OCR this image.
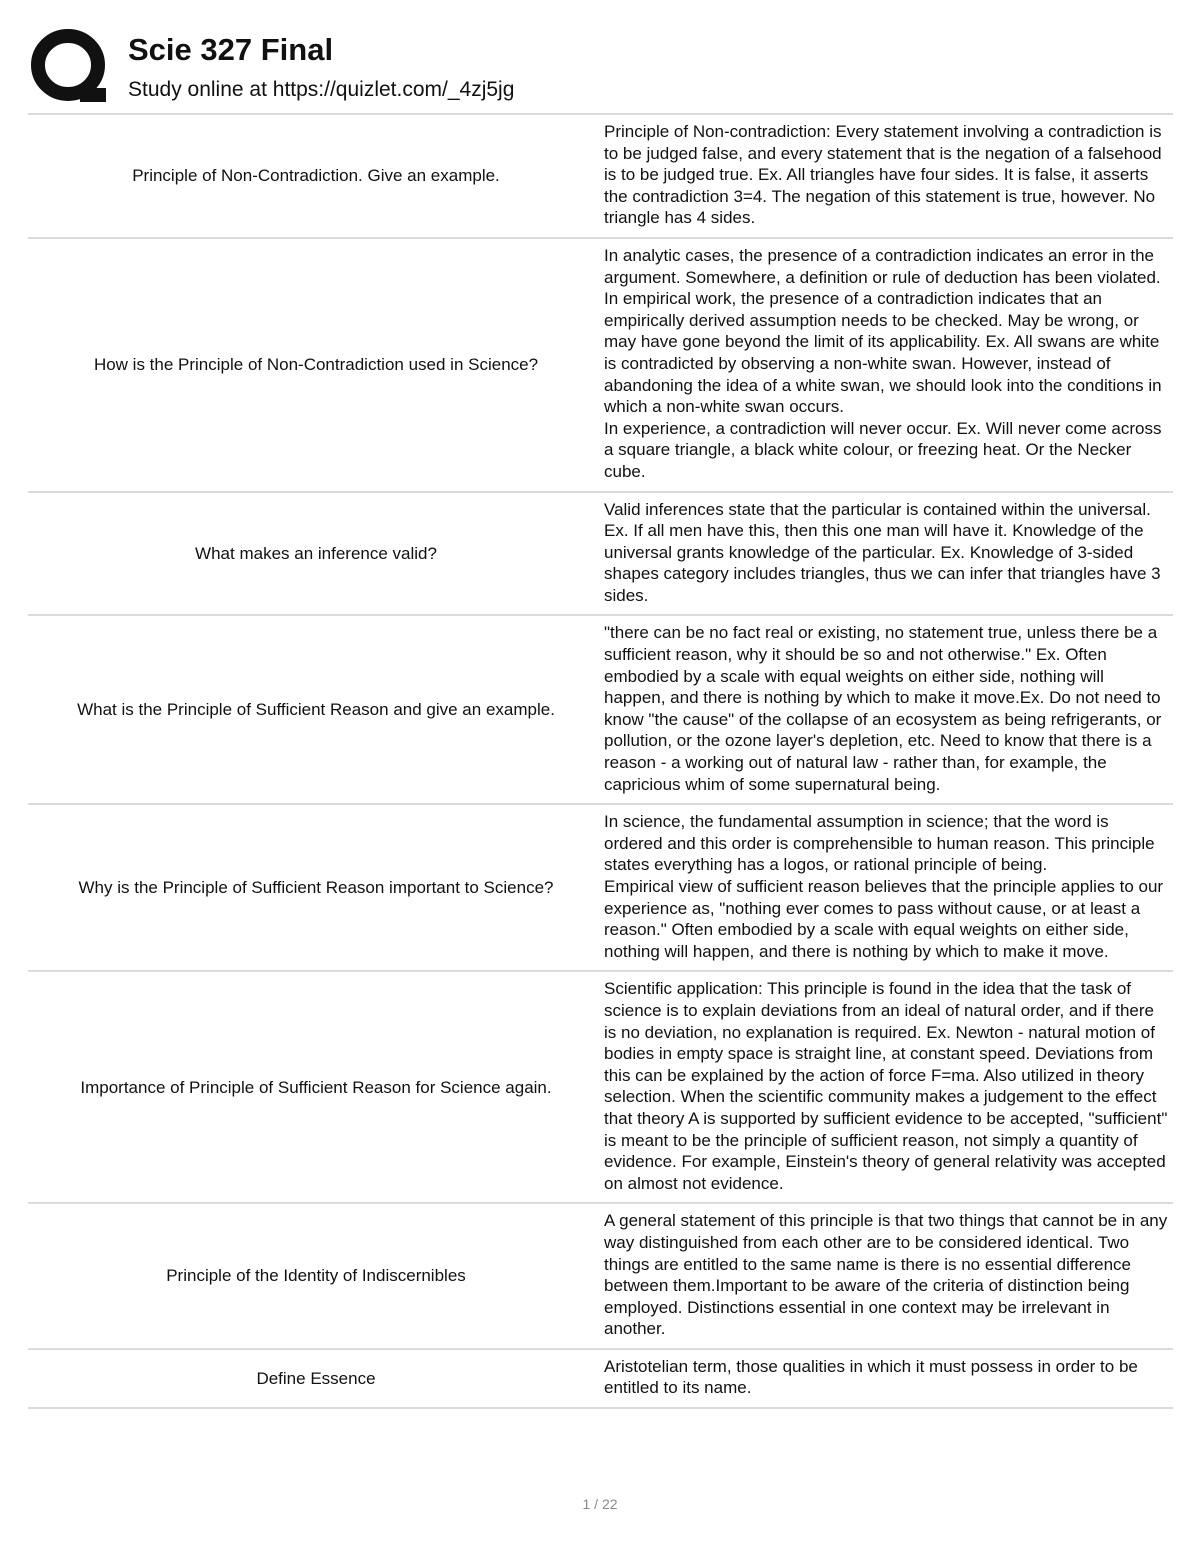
Scie 327 Final
Study online at https://quizlet.com/_4zj5jg
Principle of Non-Contradiction. Give an example.
Principle of Non-contradiction: Every statement involving a contradiction is to be judged false, and every statement that is the negation of a falsehood is to be judged true. Ex. All triangles have four sides. It is false, it asserts the contradiction 3=4. The negation of this statement is true, however. No triangle has 4 sides.
How is the Principle of Non-Contradiction used in Science?
In analytic cases, the presence of a contradiction indicates an error in the argument. Somewhere, a definition or rule of deduction has been violated.
In empirical work, the presence of a contradiction indicates that an empirically derived assumption needs to be checked. May be wrong, or may have gone beyond the limit of its applicability. Ex. All swans are white is contradicted by observing a non-white swan. However, instead of abandoning the idea of a white swan, we should look into the conditions in which a non-white swan occurs.
In experience, a contradiction will never occur. Ex. Will never come across a square triangle, a black white colour, or freezing heat. Or the Necker cube.
What makes an inference valid?
Valid inferences state that the particular is contained within the universal. Ex. If all men have this, then this one man will have it. Knowledge of the universal grants knowledge of the particular. Ex. Knowledge of 3-sided shapes category includes triangles, thus we can infer that triangles have 3 sides.
What is the Principle of Sufficient Reason and give an example.
"there can be no fact real or existing, no statement true, unless there be a sufficient reason, why it should be so and not otherwise." Ex. Often embodied by a scale with equal weights on either side, nothing will happen, and there is nothing by which to make it move.Ex. Do not need to know "the cause" of the collapse of an ecosystem as being refrigerants, or pollution, or the ozone layer's depletion, etc. Need to know that there is a reason - a working out of natural law - rather than, for example, the capricious whim of some supernatural being.
Why is the Principle of Sufficient Reason important to Science?
In science, the fundamental assumption in science; that the word is ordered and this order is comprehensible to human reason. This principle states everything has a logos, or rational principle of being.
Empirical view of sufficient reason believes that the principle applies to our experience as, "nothing ever comes to pass without cause, or at least a reason." Often embodied by a scale with equal weights on either side, nothing will happen, and there is nothing by which to make it move.
Importance of Principle of Sufficient Reason for Science again.
Scientific application: This principle is found in the idea that the task of science is to explain deviations from an ideal of natural order, and if there is no deviation, no explanation is required. Ex. Newton - natural motion of bodies in empty space is straight line, at constant speed. Deviations from this can be explained by the action of force F=ma. Also utilized in theory selection. When the scientific community makes a judgement to the effect that theory A is supported by sufficient evidence to be accepted, "sufficient" is meant to be the principle of sufficient reason, not simply a quantity of evidence. For example, Einstein's theory of general relativity was accepted on almost not evidence.
Principle of the Identity of Indiscernibles
A general statement of this principle is that two things that cannot be in any way distinguished from each other are to be considered identical. Two things are entitled to the same name is there is no essential difference between them.Important to be aware of the criteria of distinction being employed. Distinctions essential in one context may be irrelevant in another.
Define Essence
Aristotelian term, those qualities in which it must possess in order to be entitled to its name.
1 / 22
